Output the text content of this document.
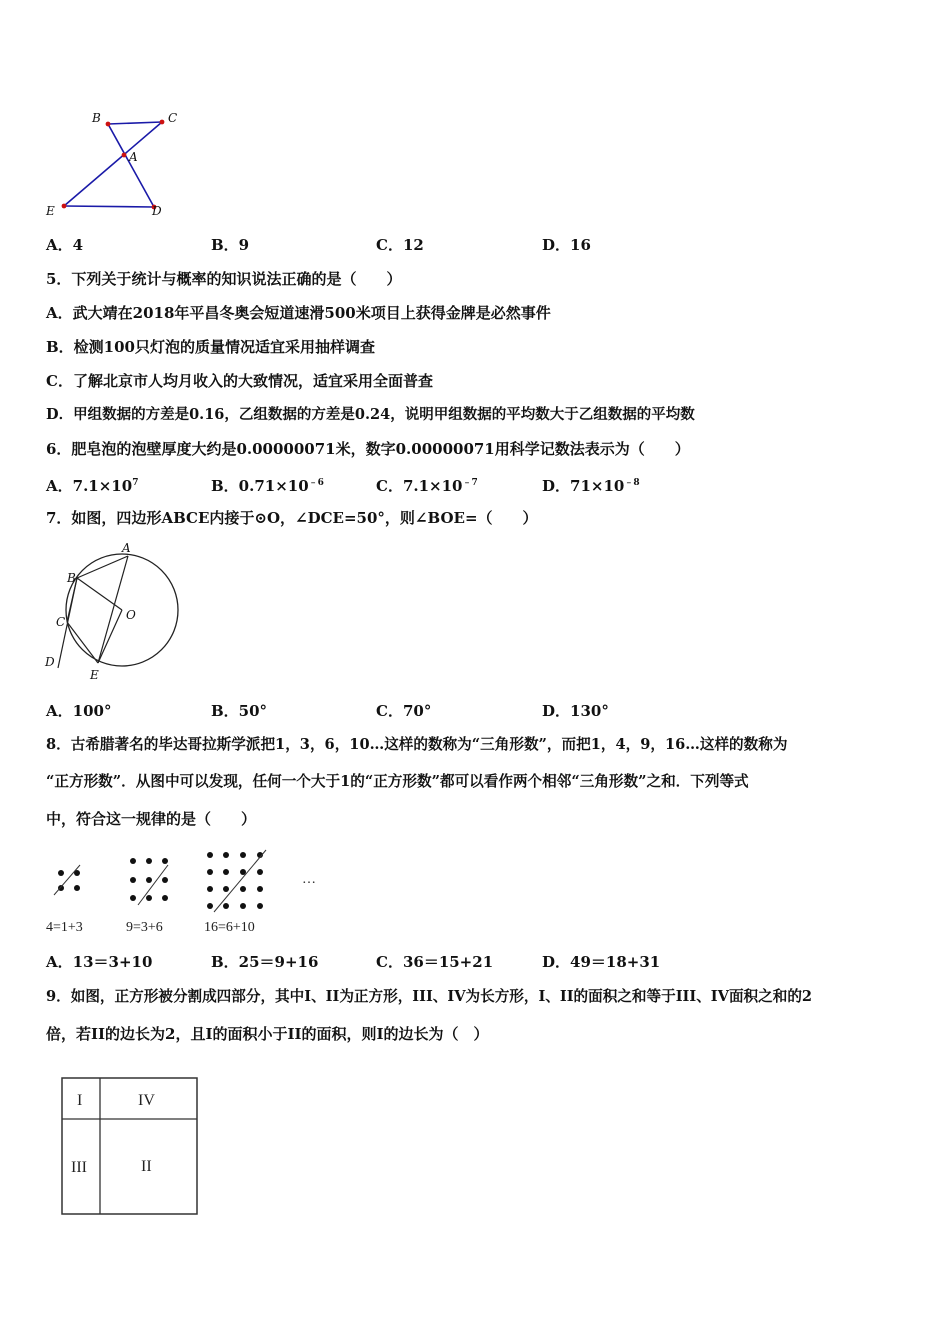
B	C
A
E	D
A．4	B．9	C．12	D．16
5．下列关于统计与概率的知识说法正确的是（　　）
A．武大靖在2018年平昌冬奥会短道速滑500米项目上获得金牌是必然事件
B．检测100只灯泡的质量情况适宜采用抽样调查
C．了解北京市人均月收入的大致情况，适宜采用全面普查
D．甲组数据的方差是0.16，乙组数据的方差是0.24，说明甲组数据的平均数大于乙组数据的平均数
6．肥皂泡的泡壁厚度大约是0.00000071米，数字0.00000071用科学记数法表示为（　　）
A．$7.1\times 10^7$	B．$0.71\times 10^{﹣6}$	C．$7.1\times 10^{﹣7}$	D．$71\times 10^{﹣8}$
7．如图，四边形ABCE内接于⊙O，∠DCE=50°，则∠BOE=（　　）
A
B
C
D
E
O
A．100°	B．50°	C．70°	D．130°
8．古希腊著名的毕达哥拉斯学派把1，3，6，10…这样的数称为“三角形数”，而把1，4，9，16…这样的数称为
“正方形数”．从图中可以发现，任何一个大于1的“正方形数”都可以看作两个相邻“三角形数”之和．下列等式
中，符合这一规律的是（　　）
…
4=1+3	9=3+6	16=6+10
A．13＝3+10	B．25＝9+16	C．36＝15+21	D．49＝18+31
9．如图，正方形被分割成四部分，其中I、II为正方形，III、IV为长方形，I、II的面积之和等于III、IV面积之和的2
倍，若II的边长为2，且I的面积小于II的面积，则I的边长为（　）
I	IV
III	II
